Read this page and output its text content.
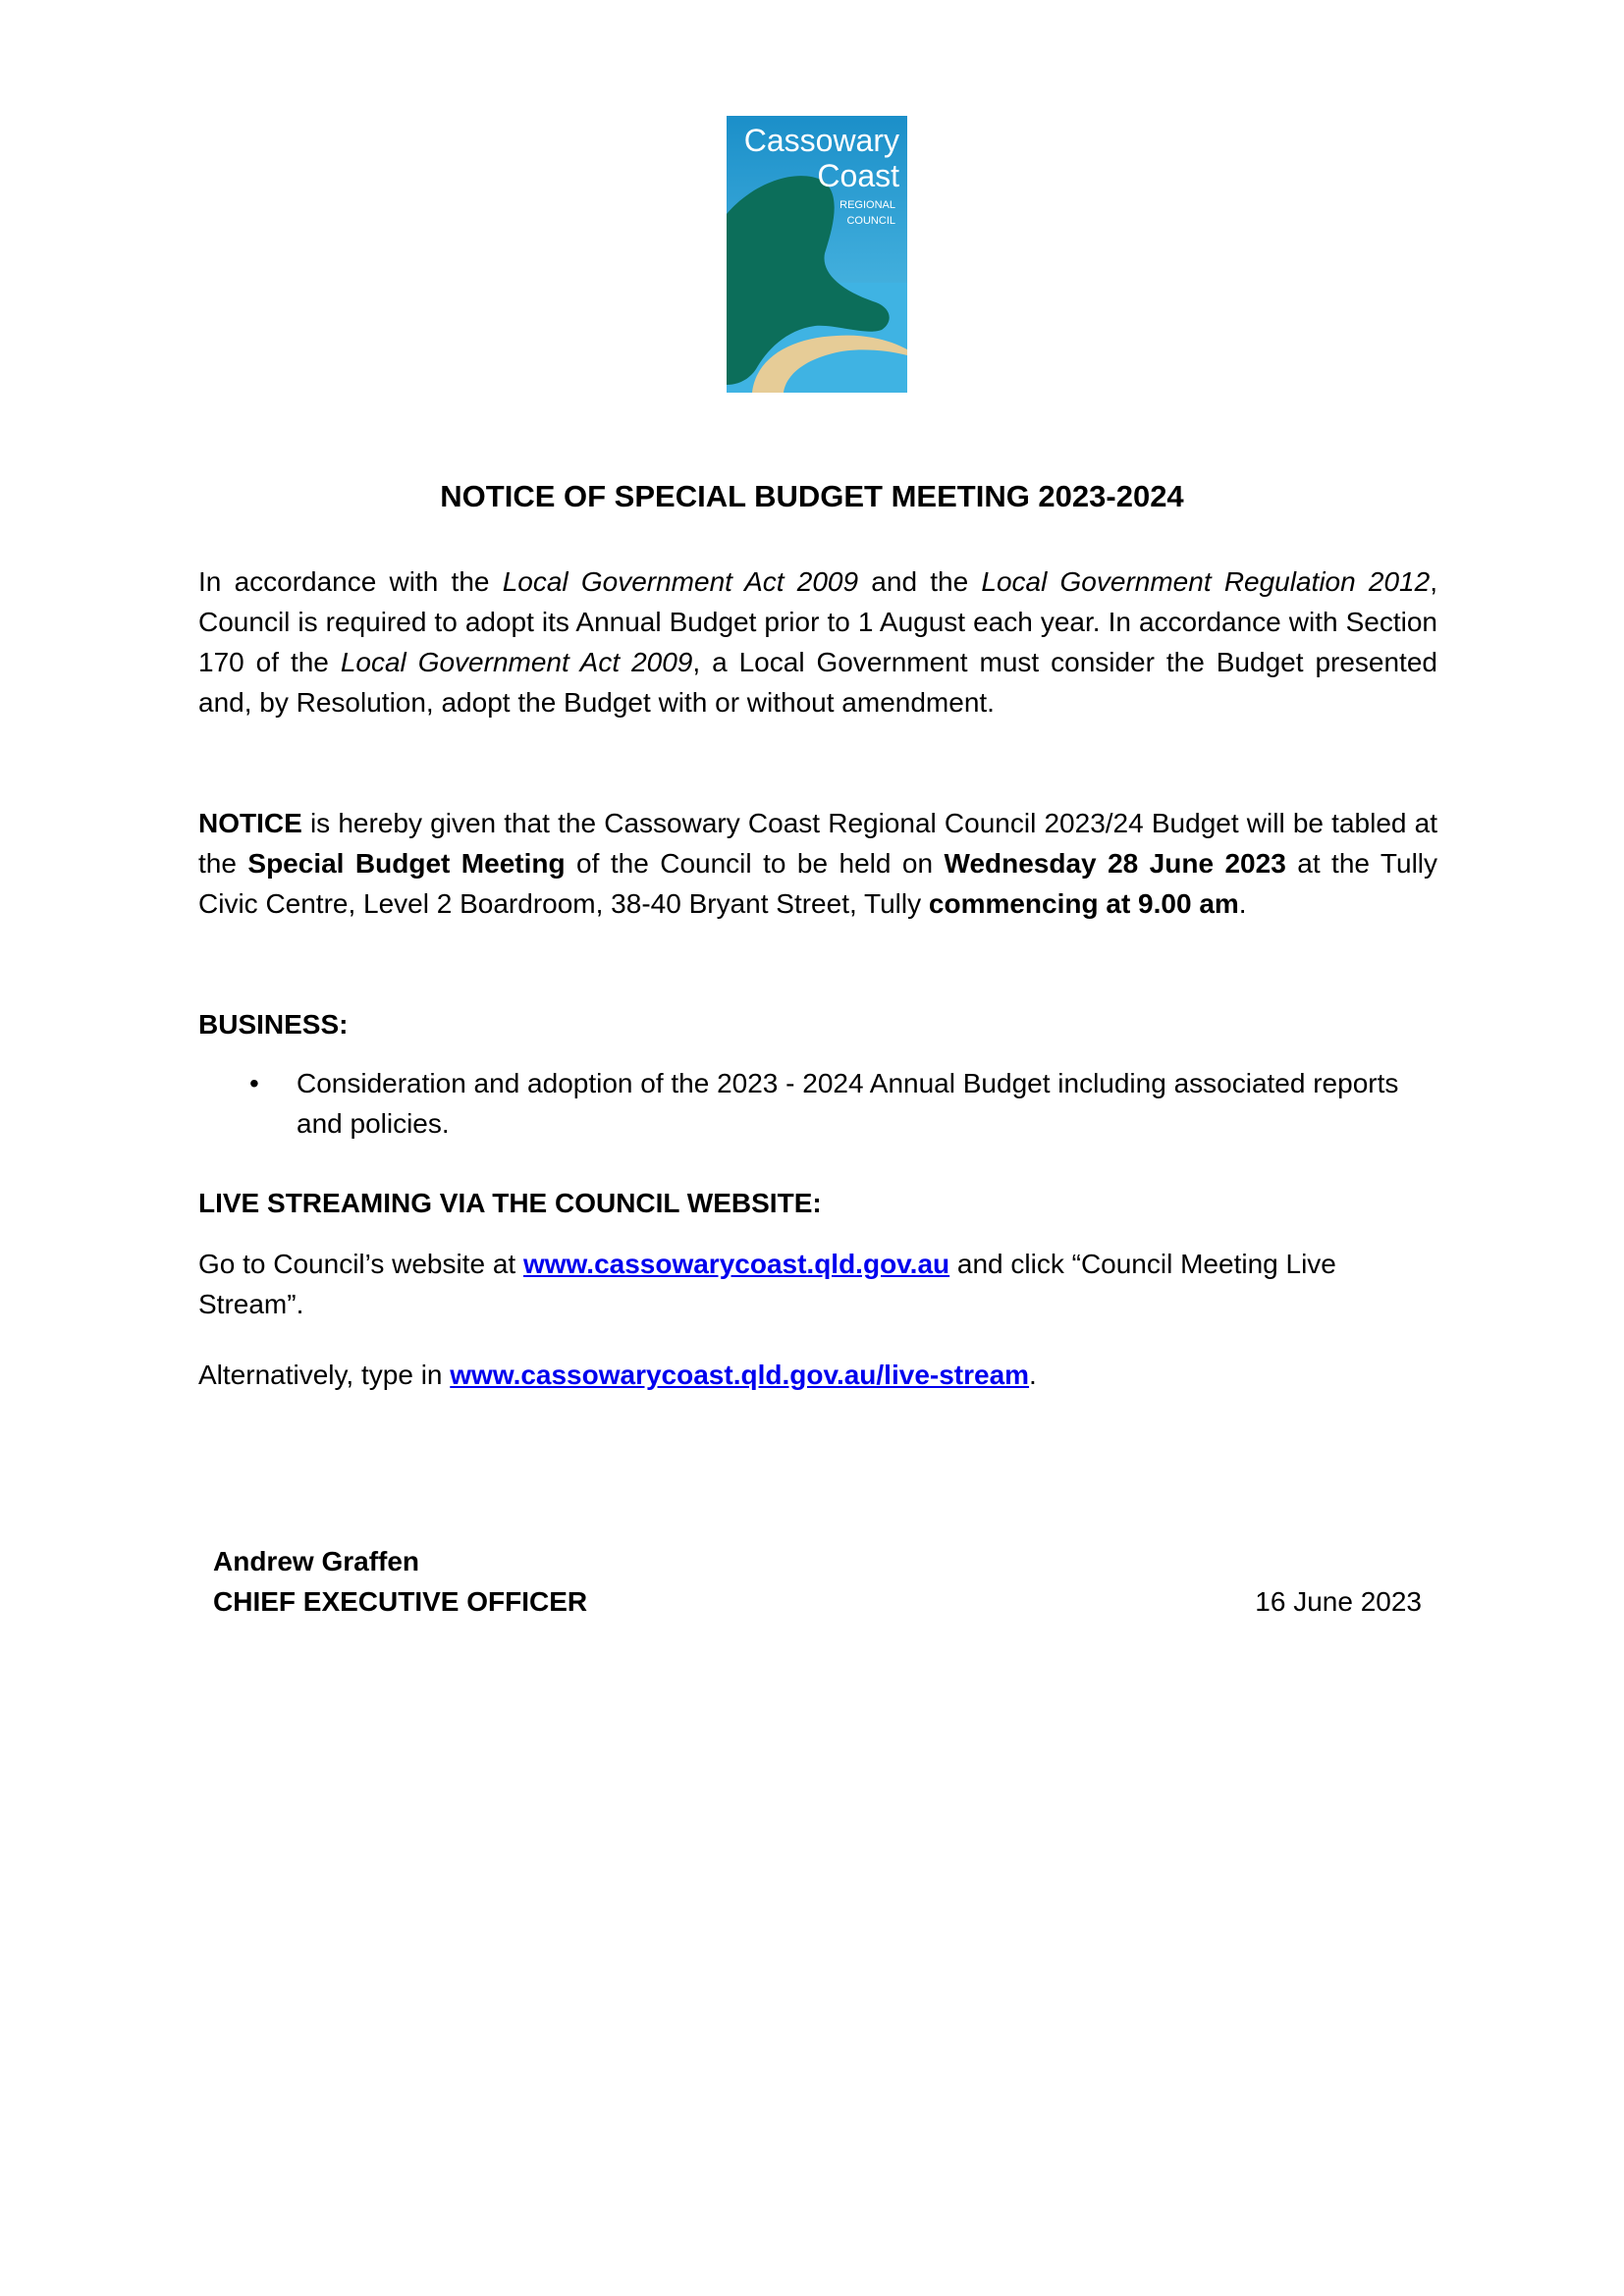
Cassowary
Coast
REGIONAL
COUNCIL
NOTICE OF SPECIAL BUDGET MEETING 2023-2024
In accordance with the Local Government Act 2009 and the Local Government Regulation 2012, Council is required to adopt its Annual Budget prior to 1 August each year. In accordance with Section 170 of the Local Government Act 2009, a Local Government must consider the Budget presented and, by Resolution, adopt the Budget with or without amendment.
NOTICE is hereby given that the Cassowary Coast Regional Council 2023/24 Budget will be tabled at the Special Budget Meeting of the Council to be held on Wednesday 28 June 2023 at the Tully Civic Centre, Level 2 Boardroom, 38-40 Bryant Street, Tully commencing at 9.00 am.
BUSINESS:
• Consideration and adoption of the 2023 - 2024 Annual Budget including associated reports and policies.
LIVE STREAMING VIA THE COUNCIL WEBSITE:
Go to Council’s website at www.cassowarycoast.qld.gov.au and click “Council Meeting Live Stream”.
Alternatively, type in www.cassowarycoast.qld.gov.au/live-stream.
Andrew Graffen
CHIEF EXECUTIVE OFFICER	16 June 2023
